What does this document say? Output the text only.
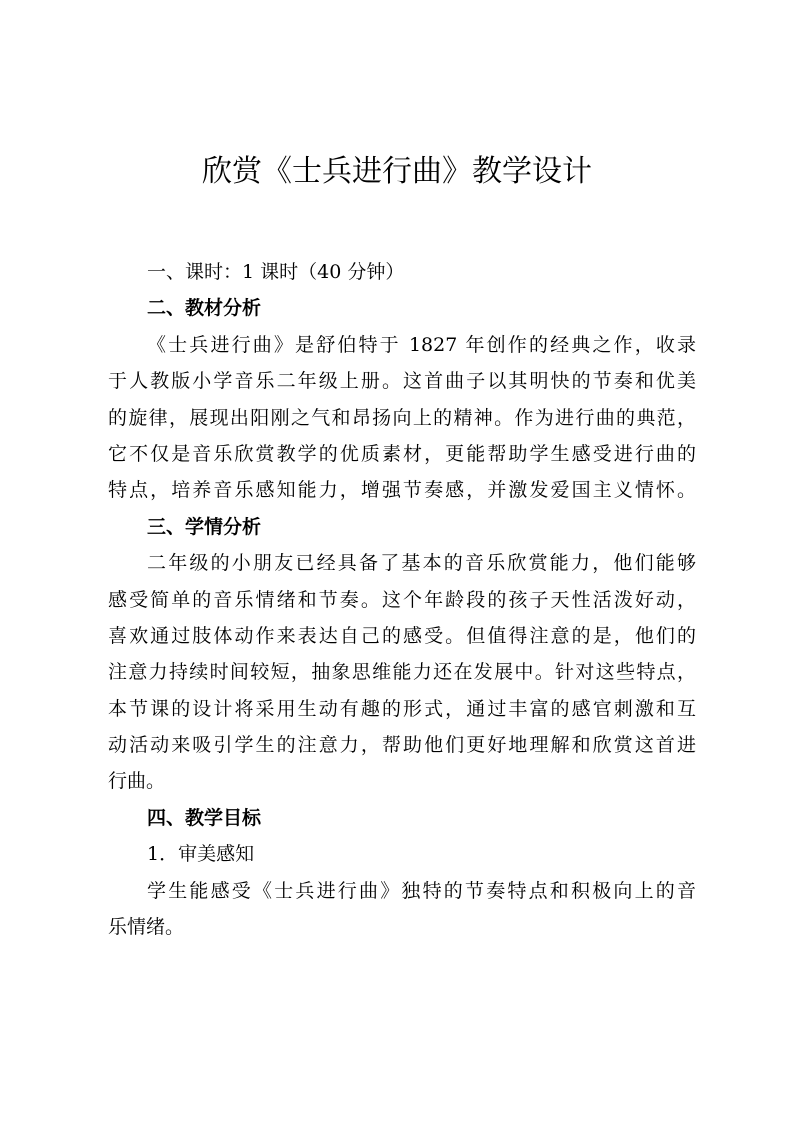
欣赏《士兵进行曲》教学设计
一、课时：1 课时（40 分钟）
二、教材分析
《士兵进行曲》是舒伯特于 1827 年创作的经典之作，收录
于人教版小学音乐二年级上册。这首曲子以其明快的节奏和优美
的旋律，展现出阳刚之气和昂扬向上的精神。作为进行曲的典范，
它不仅是音乐欣赏教学的优质素材，更能帮助学生感受进行曲的
特点，培养音乐感知能力，增强节奏感，并激发爱国主义情怀。
三、学情分析
二年级的小朋友已经具备了基本的音乐欣赏能力，他们能够
感受简单的音乐情绪和节奏。这个年龄段的孩子天性活泼好动，
喜欢通过肢体动作来表达自己的感受。但值得注意的是，他们的
注意力持续时间较短，抽象思维能力还在发展中。针对这些特点，
本节课的设计将采用生动有趣的形式，通过丰富的感官刺激和互
动活动来吸引学生的注意力，帮助他们更好地理解和欣赏这首进
行曲。
四、教学目标
1．审美感知
学生能感受《士兵进行曲》独特的节奏特点和积极向上的音
乐情绪。
